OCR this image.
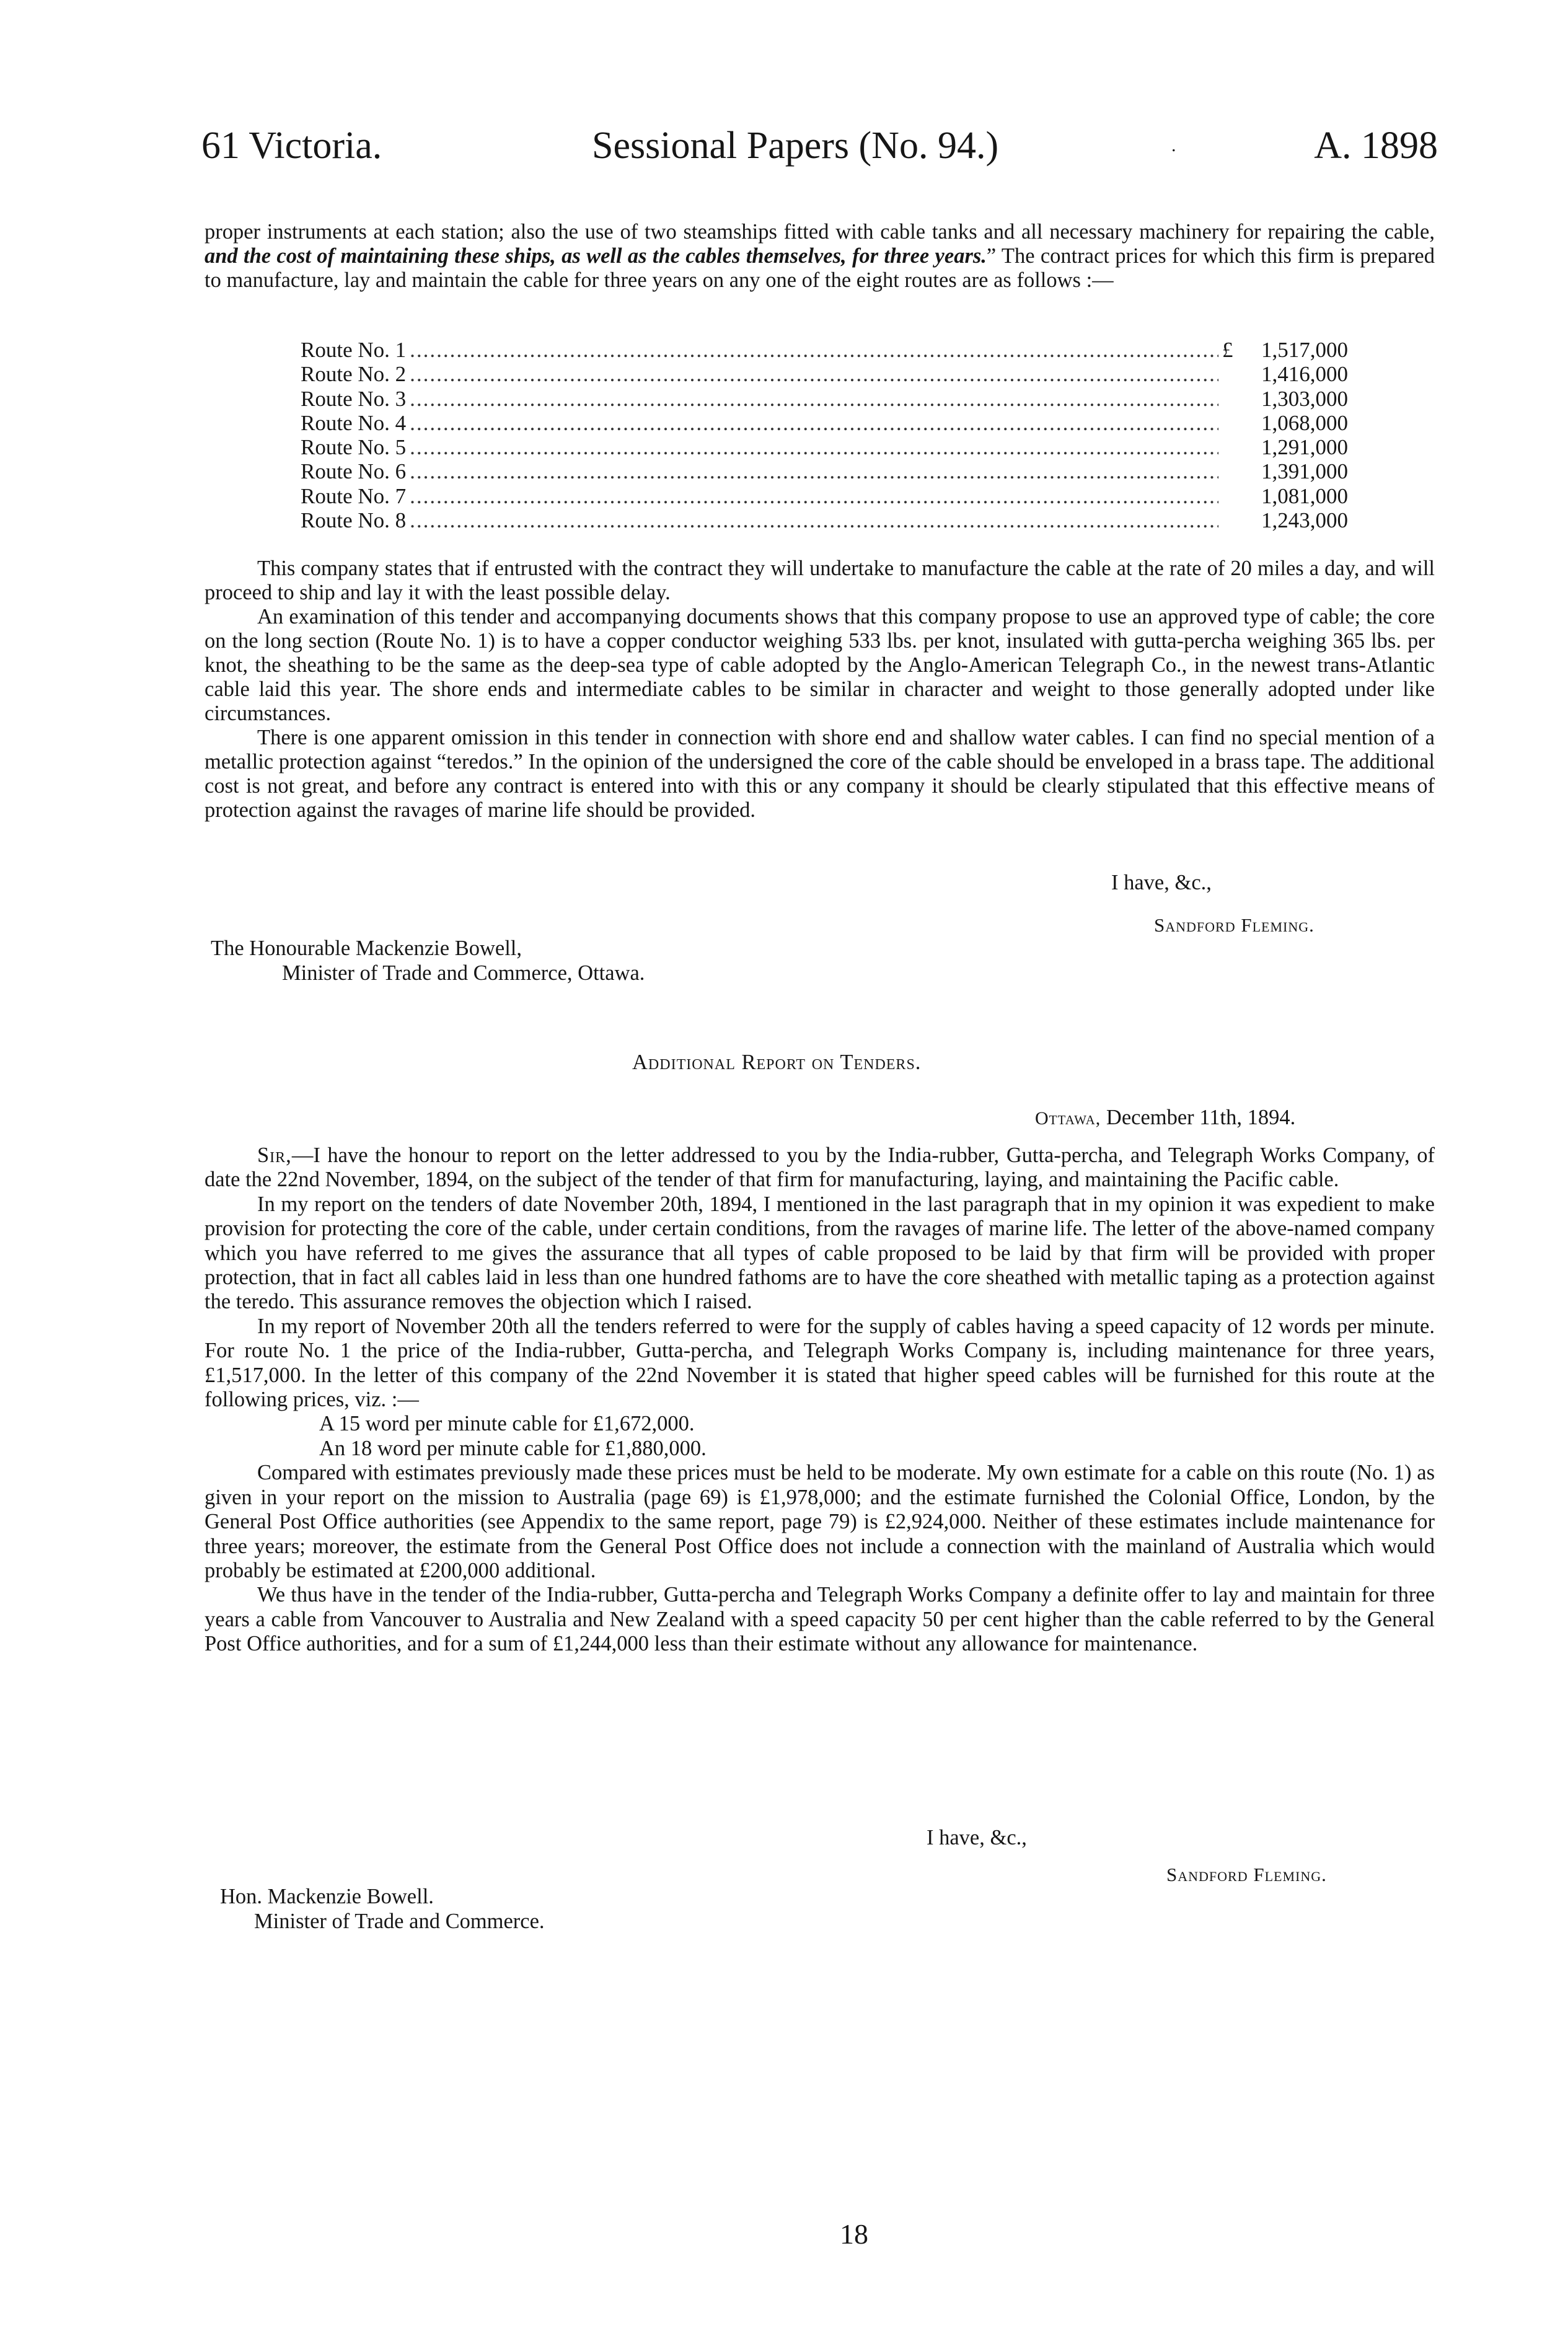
61 Victoria.	Sessional Papers (No. 94.)	.	A. 1898

proper instruments at each station; also the use of two steamships fitted with cable tanks and all necessary machinery for repairing the cable, and the cost of maintaining these ships, as well as the cables themselves, for three years.” The contract prices for which this firm is prepared to manufacture, lay and maintain the cable for three years on any one of the eight routes are as follows :—

Route No. 1 .....	£	1,517,000
Route No. 2 .....	1,416,000
Route No. 3 .....	1,303,000
Route No. 4 .....	1,068,000
Route No. 5 .....	1,291,000
Route No. 6 .....	1,391,000
Route No. 7 .....	1,081,000
Route No. 8 .....	1,243,000

This company states that if entrusted with the contract they will undertake to manufacture the cable at the rate of 20 miles a day, and will proceed to ship and lay it with the least possible delay.

An examination of this tender and accompanying documents shows that this company propose to use an approved type of cable; the core on the long section (Route No. 1) is to have a copper conductor weighing 533 lbs. per knot, insulated with gutta-percha weighing 365 lbs. per knot, the sheathing to be the same as the deep-sea type of cable adopted by the Anglo-American Telegraph Co., in the newest trans-Atlantic cable laid this year. The shore ends and intermediate cables to be similar in character and weight to those generally adopted under like circumstances.

There is one apparent omission in this tender in connection with shore end and shallow water cables. I can find no special mention of a metallic protection against “teredos.” In the opinion of the undersigned the core of the cable should be enveloped in a brass tape. The additional cost is not great, and before any contract is entered into with this or any company it should be clearly stipulated that this effective means of protection against the ravages of marine life should be provided.

I have, &c.,
Sandford Fleming.
The Honourable Mackenzie Bowell,
Minister of Trade and Commerce, Ottawa.
Additional Report on Tenders.
Ottawa, December 11th, 1894.

Sir,—I have the honour to report on the letter addressed to you by the India-rubber, Gutta-percha, and Telegraph Works Company, of date the 22nd November, 1894, on the subject of the tender of that firm for manufacturing, laying, and maintaining the Pacific cable.

In my report on the tenders of date November 20th, 1894, I mentioned in the last paragraph that in my opinion it was expedient to make provision for protecting the core of the cable, under certain conditions, from the ravages of marine life. The letter of the above-named company which you have referred to me gives the assurance that all types of cable proposed to be laid by that firm will be provided with proper protection, that in fact all cables laid in less than one hundred fathoms are to have the core sheathed with metallic taping as a protection against the teredo. This assurance removes the objection which I raised.

In my report of November 20th all the tenders referred to were for the supply of cables having a speed capacity of 12 words per minute. For route No. 1 the price of the India-rubber, Gutta-percha, and Telegraph Works Company is, including maintenance for three years, £1,517,000. In the letter of this company of the 22nd November it is stated that higher speed cables will be furnished for this route at the following prices, viz. :—

A 15 word per minute cable for £1,672,000.

An 18 word per minute cable for £1,880,000.

Compared with estimates previously made these prices must be held to be moderate. My own estimate for a cable on this route (No. 1) as given in your report on the mission to Australia (page 69) is £1,978,000; and the estimate furnished the Colonial Office, London, by the General Post Office authorities (see Appendix to the same report, page 79) is £2,924,000. Neither of these estimates include maintenance for three years; moreover, the estimate from the General Post Office does not include a connection with the mainland of Australia which would probably be estimated at £200,000 additional.

We thus have in the tender of the India-rubber, Gutta-percha and Telegraph Works Company a definite offer to lay and maintain for three years a cable from Vancouver to Australia and New Zealand with a speed capacity 50 per cent higher than the cable referred to by the General Post Office authorities, and for a sum of £1,244,000 less than their estimate without any allowance for maintenance.

I have, &c.,
Sandford Fleming.
Hon. Mackenzie Bowell.
Minister of Trade and Commerce.
18
